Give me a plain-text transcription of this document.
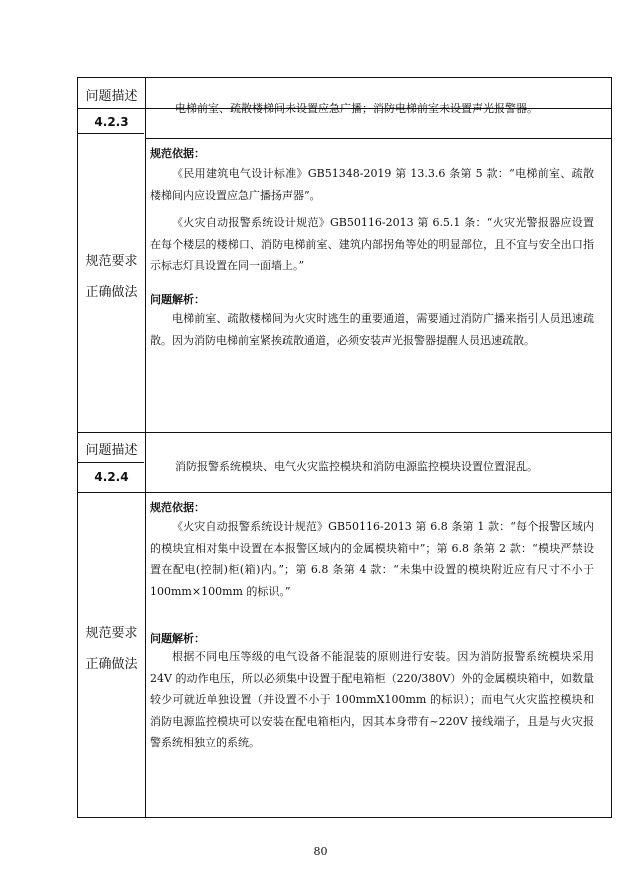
问题描述
4.2.3
电梯前室、疏散楼梯间未设置应急广播；消防电梯前室未设置声光报警器。
规范要求
正确做法
规范依据：

《民用建筑电气设计标准》GB51348-2019 第 13.3.6 条第 5 款：“电梯前室、疏散楼梯间内应设置应急广播扬声器”。

《火灾自动报警系统设计规范》GB50116-2013 第 6.5.1 条：“火灾光警报器应设置在每个楼层的楼梯口、消防电梯前室、建筑内部拐角等处的明显部位，且不宜与安全出口指示标志灯具设置在同一面墙上。”

问题解析：

电梯前室、疏散楼梯间为火灾时逃生的重要通道，需要通过消防广播来指引人员迅速疏散。因为消防电梯前室紧挨疏散通道，必须安装声光报警器提醒人员迅速疏散。

问题描述
4.2.4
消防报警系统模块、电气火灾监控模块和消防电源监控模块设置位置混乱。
规范要求
正确做法
规范依据：

《火灾自动报警系统设计规范》GB50116-2013 第 6.8 条第 1 款：“每个报警区域内的模块宜相对集中设置在本报警区域内的金属模块箱中”；第 6.8 条第 2 款：“模块严禁设置在配电(控制)柜(箱)内。”；第 6.8 条第 4 款：“未集中设置的模块附近应有尺寸不小于 100mm×100mm 的标识。”

问题解析：

根据不同电压等级的电气设备不能混装的原则进行安装。因为消防报警系统模块采用 24V 的动作电压，所以必须集中设置于配电箱柜（220/380V）外的金属模块箱中，如数量较少可就近单独设置（并设置不小于 100mmX100mm 的标识）；而电气火灾监控模块和消防电源监控模块可以安装在配电箱柜内，因其本身带有~220V 接线端子，且是与火灾报警系统相独立的系统。

80
